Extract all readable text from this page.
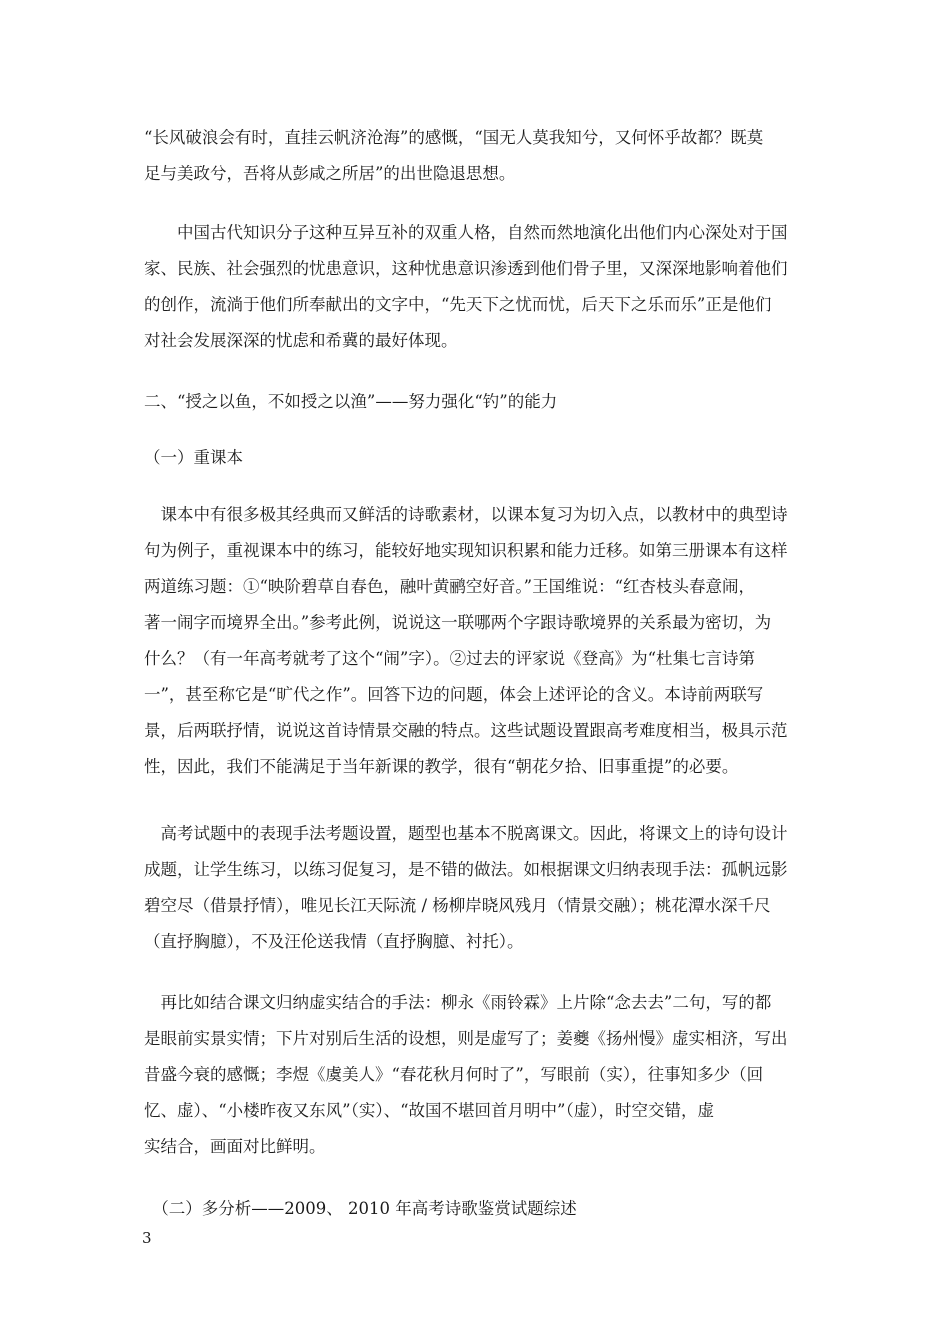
“长风破浪会有时，直挂云帆济沧海”的感慨，“国无人莫我知兮，又何怀乎故都？既莫
足与美政兮，吾将从彭咸之所居”的出世隐退思想。

　　中国古代知识分子这种互异互补的双重人格，自然而然地演化出他们内心深处对于国
家、民族、社会强烈的忧患意识，这种忧患意识渗透到他们骨子里，又深深地影响着他们
的创作，流淌于他们所奉献出的文字中，“先天下之忧而忧，后天下之乐而乐”正是他们
对社会发展深深的忧虑和希冀的最好体现。

二、“授之以鱼，不如授之以渔”——努力强化“钓”的能力

（一）重课本

　课本中有很多极其经典而又鲜活的诗歌素材，以课本复习为切入点，以教材中的典型诗
句为例子，重视课本中的练习，能较好地实现知识积累和能力迁移。如第三册课本有这样
两道练习题：①“映阶碧草自春色，融叶黄鹂空好音。”王国维说：“红杏枝头春意闹，
著一闹字而境界全出。”参考此例，说说这一联哪两个字跟诗歌境界的关系最为密切，为
什么？（有一年高考就考了这个“闹”字）。②过去的评家说《登高》为“杜集七言诗第
一”，甚至称它是“旷代之作”。回答下边的问题，体会上述评论的含义。本诗前两联写
景，后两联抒情，说说这首诗情景交融的特点。这些试题设置跟高考难度相当，极具示范
性，因此，我们不能满足于当年新课的教学，很有“朝花夕拾、旧事重提”的必要。

　高考试题中的表现手法考题设置，题型也基本不脱离课文。因此，将课文上的诗句设计
成题，让学生练习，以练习促复习，是不错的做法。如根据课文归纳表现手法：孤帆远影
碧空尽（借景抒情），唯见长江天际流 / 杨柳岸晓风残月（情景交融）；桃花潭水深千尺
（直抒胸臆），不及汪伦送我情（直抒胸臆、衬托）。

　再比如结合课文归纳虚实结合的手法：柳永《雨铃霖》上片除“念去去”二句，写的都
是眼前实景实情；下片对别后生活的设想，则是虚写了；姜夔《扬州慢》虚实相济，写出
昔盛今衰的感慨；李煜《虞美人》“春花秋月何时了”，写眼前（实），往事知多少（回
忆、虚）、“小楼昨夜又东风”（实）、“故国不堪回首月明中”（虚），时空交错，虚
实结合，画面对比鲜明。

　（二）多分析——2009、 2010 年高考诗歌鉴赏试题综述

3
